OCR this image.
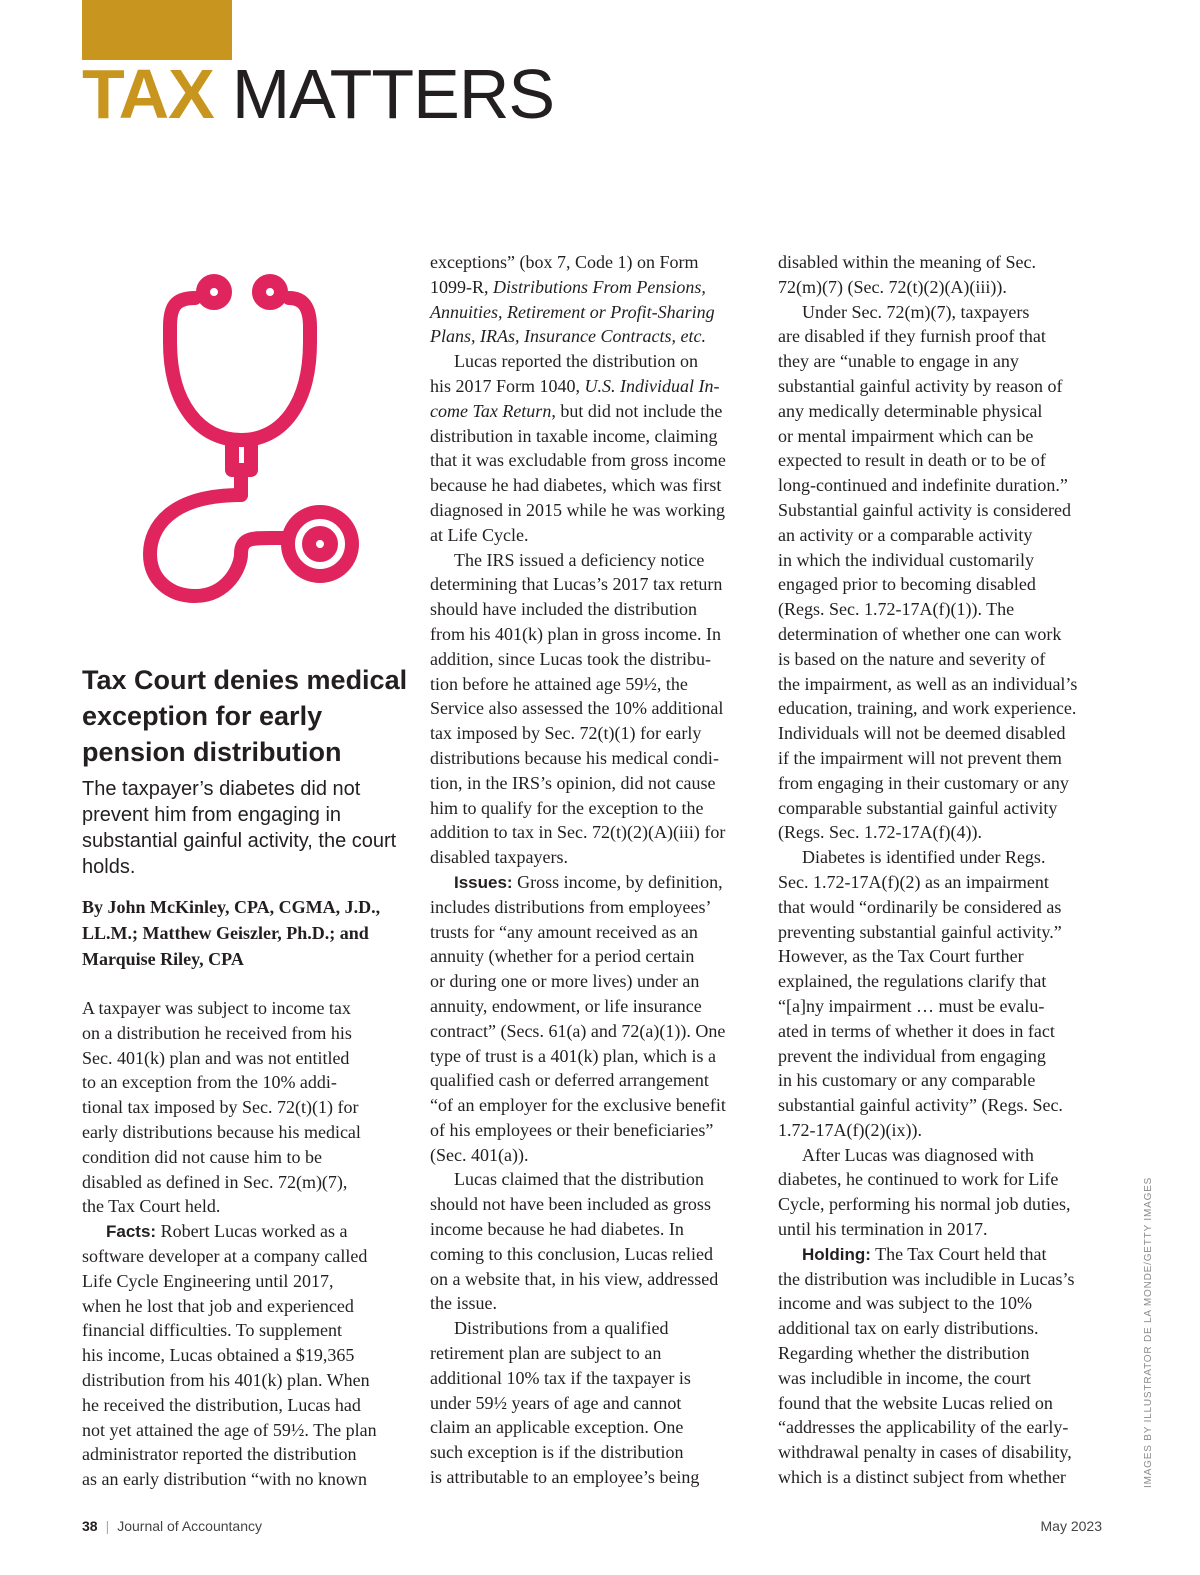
TAX MATTERS
Tax Court denies medical exception for early pension distribution

The taxpayer’s diabetes did not prevent him from engaging in substantial gainful activity, the court holds.

By John McKinley, CPA, CGMA, J.D., LL.M.; Matthew Geiszler, Ph.D.; and Marquise Riley, CPA

A taxpayer was subject to income tax
on a distribution he received from his
Sec. 401(k) plan and was not entitled
to an exception from the 10% addi-
tional tax imposed by Sec. 72(t)(1) for
early distributions because his medical
condition did not cause him to be
disabled as defined in Sec. 72(m)(7),
the Tax Court held.
Facts: Robert Lucas worked as a
software developer at a company called
Life Cycle Engineering until 2017,
when he lost that job and experienced
financial difficulties. To supplement
his income, Lucas obtained a $19,365
distribution from his 401(k) plan. When
he received the distribution, Lucas had
not yet attained the age of 59½. The plan
administrator reported the distribution
as an early distribution “with no known
exceptions” (box 7, Code 1) on Form
1099-R, Distributions From Pensions,
Annuities, Retirement or Profit-Sharing
Plans, IRAs, Insurance Contracts, etc.
Lucas reported the distribution on
his 2017 Form 1040, U.S. Individual In-
come Tax Return, but did not include the
distribution in taxable income, claiming
that it was excludable from gross income
because he had diabetes, which was first
diagnosed in 2015 while he was working
at Life Cycle.
The IRS issued a deficiency notice
determining that Lucas’s 2017 tax return
should have included the distribution
from his 401(k) plan in gross income. In
addition, since Lucas took the distribu-
tion before he attained age 59½, the
Service also assessed the 10% additional
tax imposed by Sec. 72(t)(1) for early
distributions because his medical condi-
tion, in the IRS’s opinion, did not cause
him to qualify for the exception to the
addition to tax in Sec. 72(t)(2)(A)(iii) for
disabled taxpayers.
Issues: Gross income, by definition,
includes distributions from employees’
trusts for “any amount received as an
annuity (whether for a period certain
or during one or more lives) under an
annuity, endowment, or life insurance
contract” (Secs. 61(a) and 72(a)(1)). One
type of trust is a 401(k) plan, which is a
qualified cash or deferred arrangement
“of an employer for the exclusive benefit
of his employees or their beneficiaries”
(Sec. 401(a)).
Lucas claimed that the distribution
should not have been included as gross
income because he had diabetes. In
coming to this conclusion, Lucas relied
on a website that, in his view, addressed
the issue.
Distributions from a qualified
retirement plan are subject to an
additional 10% tax if the taxpayer is
under 59½ years of age and cannot
claim an applicable exception. One
such exception is if the distribution
is attributable to an employee’s being
disabled within the meaning of Sec.
72(m)(7) (Sec. 72(t)(2)(A)(iii)).
Under Sec. 72(m)(7), taxpayers
are disabled if they furnish proof that
they are “unable to engage in any
substantial gainful activity by reason of
any medically determinable physical
or mental impairment which can be
expected to result in death or to be of
long-continued and indefinite duration.”
Substantial gainful activity is considered
an activity or a comparable activity
in which the individual customarily
engaged prior to becoming disabled
(Regs. Sec. 1.72-17A(f)(1)). The
determination of whether one can work
is based on the nature and severity of
the impairment, as well as an individual’s
education, training, and work experience.
Individuals will not be deemed disabled
if the impairment will not prevent them
from engaging in their customary or any
comparable substantial gainful activity
(Regs. Sec. 1.72-17A(f)(4)).
Diabetes is identified under Regs.
Sec. 1.72-17A(f)(2) as an impairment
that would “ordinarily be considered as
preventing substantial gainful activity.”
However, as the Tax Court further
explained, the regulations clarify that
“[a]ny impairment … must be evalu-
ated in terms of whether it does in fact
prevent the individual from engaging
in his customary or any comparable
substantial gainful activity” (Regs. Sec.
1.72-17A(f)(2)(ix)).
After Lucas was diagnosed with
diabetes, he continued to work for Life
Cycle, performing his normal job duties,
until his termination in 2017.
Holding: The Tax Court held that
the distribution was includible in Lucas’s
income and was subject to the 10%
additional tax on early distributions.
Regarding whether the distribution
was includible in income, the court
found that the website Lucas relied on
“addresses the applicability of the early-
withdrawal penalty in cases of disability,
which is a distinct subject from whether	IMAGES BY ILLUSTRATOR DE LA MONDE/GETTY IMAGES
38 | Journal of Accountancy	May 2023
